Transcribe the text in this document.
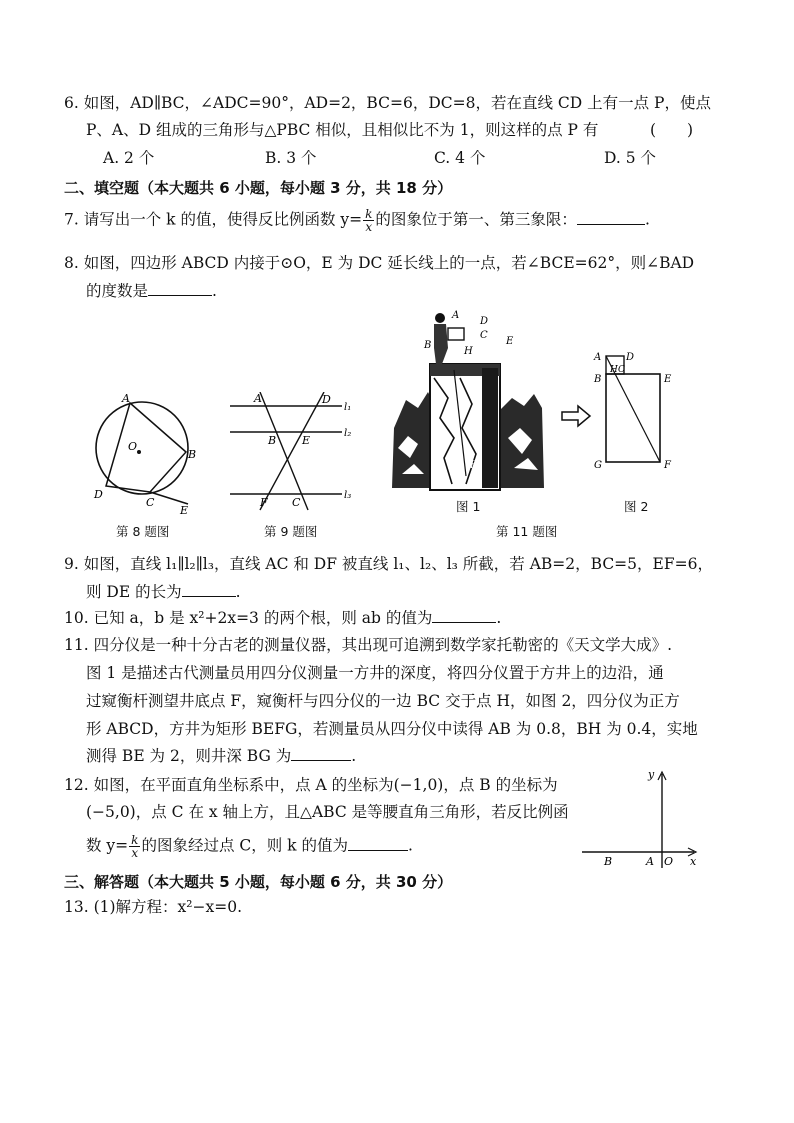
6. 如图，AD∥BC，∠ADC=90°，AD=2，BC=6，DC=8，若在直线 CD 上有一点 P，使点
P、A、D 组成的三角形与△PBC 相似，且相似比不为 1，则这样的点 P 有	(　　)
A. 2 个	B. 3 个	C. 4 个	D. 5 个
二、填空题（本大题共 6 小题，每小题 3 分，共 18 分）
7. 请写出一个 k 的值，使得反比例函数 $y= \frac{k}{x}$ 的图象位于第一、第三象限：	.
8. 如图，四边形 ABCD 内接于⊙O，E 为 DC 延长线上的一点，若∠BCE=62°，则∠BAD
的度数是	.
A
O
B
D
C
E
第 8 题图
A	D
l₁
B E
l₂
F C
l₃
第 9 题图
A
D
C
E
B
H
G F
图 1
A D
B
H C
E
G	F
图 2
第 11 题图
9. 如图，直线 l₁∥l₂∥l₃，直线 AC 和 DF 被直线 l₁、l₂、l₃ 所截，若 AB=2，BC=5，EF=6，
则 DE 的长为	.
10. 已知 a，b 是 x²+2x=3 的两个根，则 ab 的值为	.
11. 四分仪是一种十分古老的测量仪器，其出现可追溯到数学家托勒密的《天文学大成》.
图 1 是描述古代测量员用四分仪测量一方井的深度，将四分仪置于方井上的边沿，通
过窥衡杆测望井底点 F，窥衡杆与四分仪的一边 BC 交于点 H，如图 2，四分仪为正方
形 ABCD，方井为矩形 BEFG，若测量员从四分仪中读得 AB 为 0.8，BH 为 0.4，实地
测得 BE 为 2，则井深 BG 为	.
12. 如图，在平面直角坐标系中，点 A 的坐标为(−1,0)，点 B 的坐标为
(−5,0)，点 C 在 x 轴上方，且△ABC 是等腰直角三角形，若反比例函
数 $y= \frac{k}{x}$ 的图象经过点 C，则 k 的值为	.
y
B	A O x
三、解答题（本大题共 5 小题，每小题 6 分，共 30 分）
13. (1)解方程：x²−x=0.
